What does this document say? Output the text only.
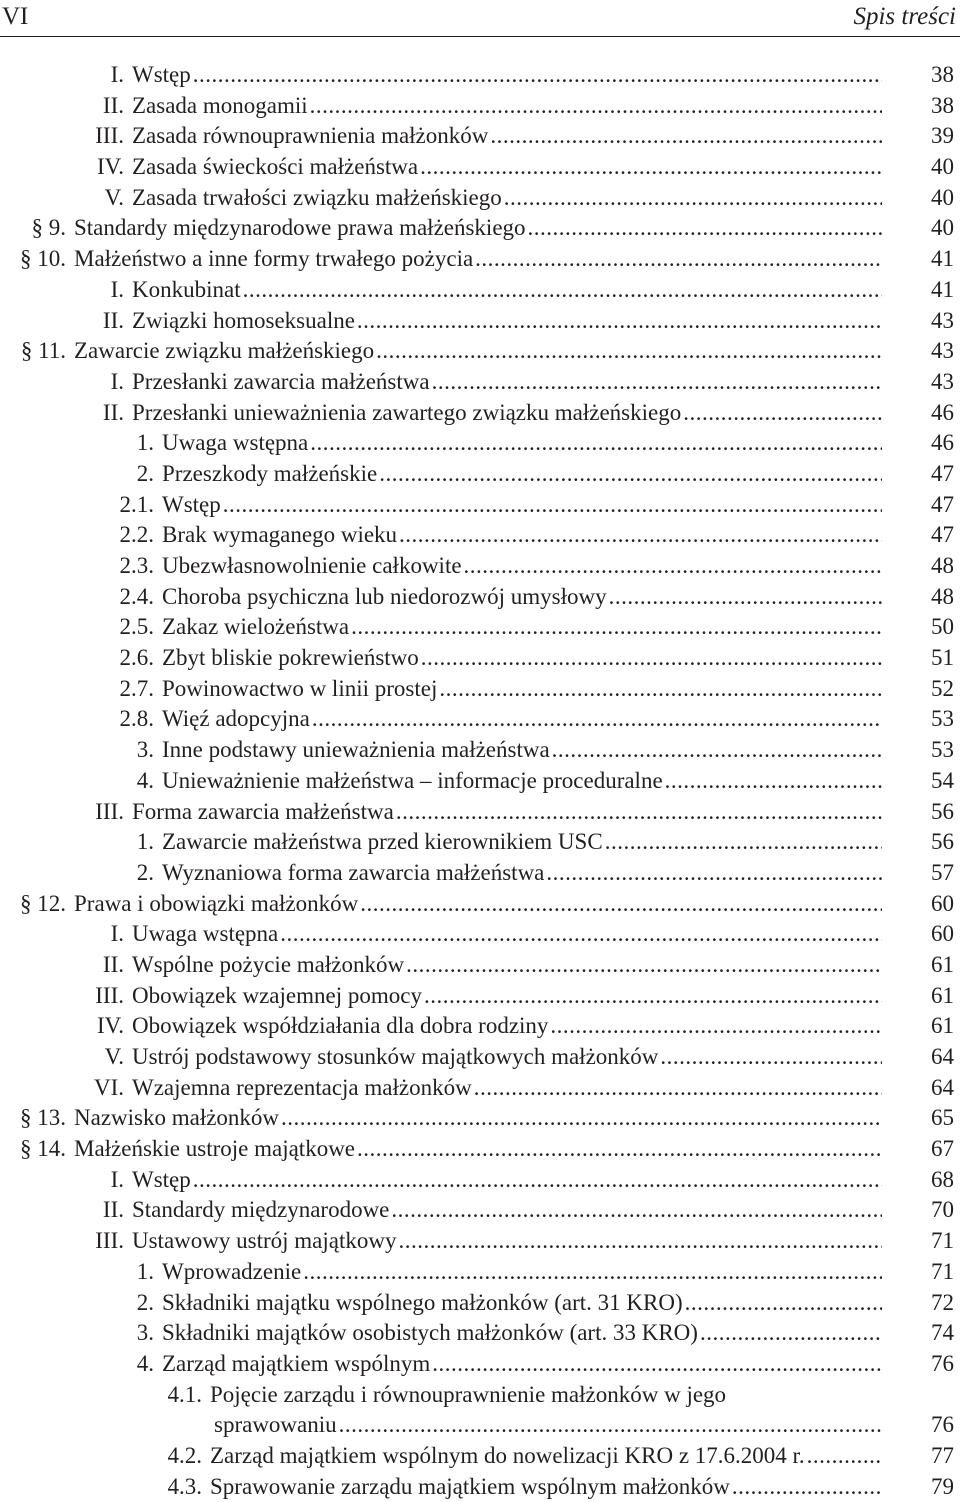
VI	Spis treści
I. Wstęp .....	38
II. Zasada monogamii .....	38
III. Zasada równouprawnienia małżonków .....	39
IV. Zasada świeckości małżeństwa .....	40
V. Zasada trwałości związku małżeńskiego .....	40
§ 9. Standardy międzynarodowe prawa małżeńskiego .....	40
§ 10. Małżeństwo a inne formy trwałego pożycia .....	41
I. Konkubinat .....	41
II. Związki homoseksualne .....	43
§ 11. Zawarcie związku małżeńskiego .....	43
I. Przesłanki zawarcia małżeństwa .....	43
II. Przesłanki unieważnienia zawartego związku małżeńskiego .....	46
1. Uwaga wstępna .....	46
2. Przeszkody małżeńskie .....	47
2.1. Wstęp .....	47
2.2. Brak wymaganego wieku .....	47
2.3. Ubezwłasnowolnienie całkowite .....	48
2.4. Choroba psychiczna lub niedorozwój umysłowy .....	48
2.5. Zakaz wielożeństwa .....	50
2.6. Zbyt bliskie pokrewieństwo .....	51
2.7. Powinowactwo w linii prostej .....	52
2.8. Więź adopcyjna .....	53
3. Inne podstawy unieważnienia małżeństwa .....	53
4. Unieważnienie małżeństwa – informacje proceduralne .....	54
III. Forma zawarcia małżeństwa .....	56
1. Zawarcie małżeństwa przed kierownikiem USC .....	56
2. Wyznaniowa forma zawarcia małżeństwa .....	57
§ 12. Prawa i obowiązki małżonków .....	60
I. Uwaga wstępna .....	60
II. Wspólne pożycie małżonków .....	61
III. Obowiązek wzajemnej pomocy .....	61
IV. Obowiązek współdziałania dla dobra rodziny .....	61
V. Ustrój podstawowy stosunków majątkowych małżonków .....	64
VI. Wzajemna reprezentacja małżonków .....	64
§ 13. Nazwisko małżonków .....	65
§ 14. Małżeńskie ustroje majątkowe .....	67
I. Wstęp .....	68
II. Standardy międzynarodowe .....	70
III. Ustawowy ustrój majątkowy .....	71
1. Wprowadzenie .....	71
2. Składniki majątku wspólnego małżonków (art. 31 KRO) .....	72
3. Składniki majątków osobistych małżonków (art. 33 KRO) .....	74
4. Zarząd majątkiem wspólnym .....	76
4.1. Pojęcie zarządu i równouprawnienie małżonków w jego
sprawowaniu .....	76
4.2. Zarząd majątkiem wspólnym do nowelizacji KRO z 17.6.2004 r. .....	77
4.3. Sprawowanie zarządu majątkiem wspólnym małżonków .....	79
